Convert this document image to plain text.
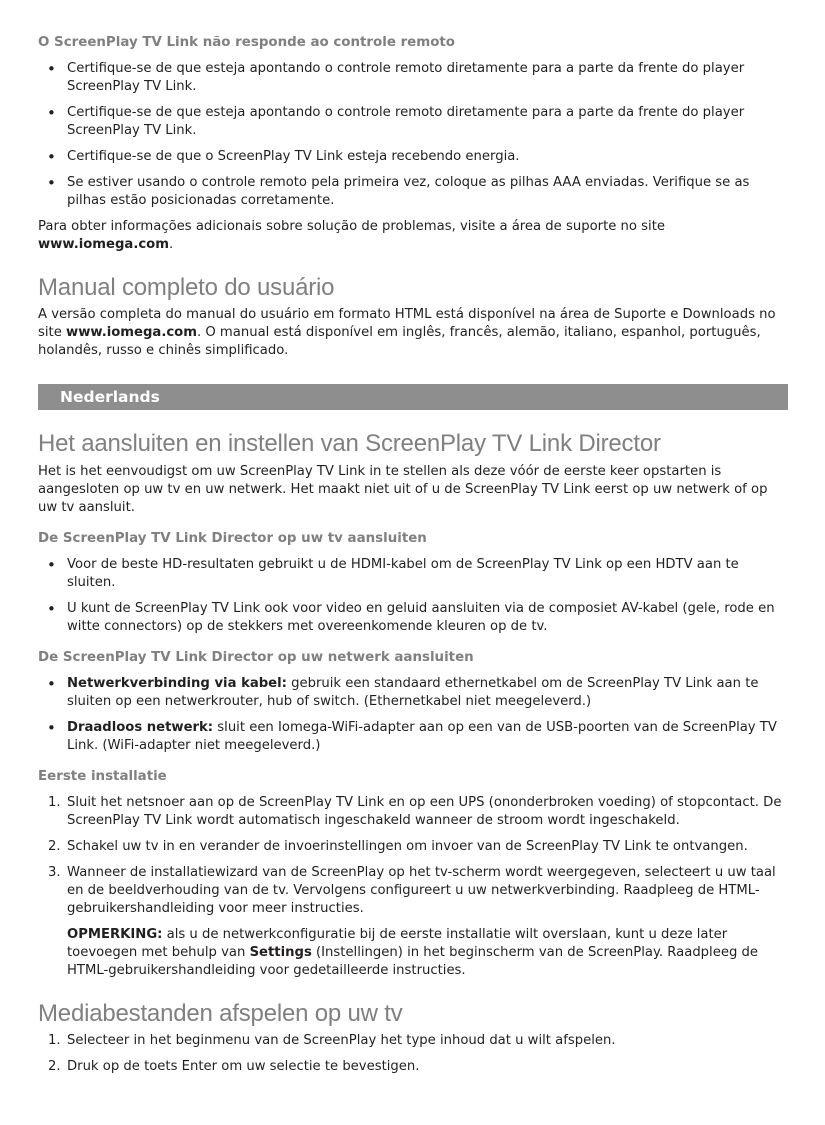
O ScreenPlay TV Link não responde ao controle remoto

• Certifique-se de que esteja apontando o controle remoto diretamente para a parte da frente do player ScreenPlay TV Link.
• Certifique-se de que esteja apontando o controle remoto diretamente para a parte da frente do player ScreenPlay TV Link.
• Certifique-se de que o ScreenPlay TV Link esteja recebendo energia.
• Se estiver usando o controle remoto pela primeira vez, coloque as pilhas AAA enviadas. Verifique se as pilhas estão posicionadas corretamente.

Para obter informações adicionais sobre solução de problemas, visite a área de suporte no site www.iomega.com.

Manual completo do usuário

A versão completa do manual do usuário em formato HTML está disponível na área de Suporte e Downloads no site www.iomega.com. O manual está disponível em inglês, francês, alemão, italiano, espanhol, português, holandês, russo e chinês simplificado.

Nederlands
Het aansluiten en instellen van ScreenPlay TV Link Director

Het is het eenvoudigst om uw ScreenPlay TV Link in te stellen als deze vóór de eerste keer opstarten is aangesloten op uw tv en uw netwerk. Het maakt niet uit of u de ScreenPlay TV Link eerst op uw netwerk of op uw tv aansluit.

De ScreenPlay TV Link Director op uw tv aansluiten

• Voor de beste HD-resultaten gebruikt u de HDMI-kabel om de ScreenPlay TV Link op een HDTV aan te sluiten.
• U kunt de ScreenPlay TV Link ook voor video en geluid aansluiten via de composiet AV-kabel (gele, rode en witte connectors) op de stekkers met overeenkomende kleuren op de tv.

De ScreenPlay TV Link Director op uw netwerk aansluiten

• Netwerkverbinding via kabel: gebruik een standaard ethernetkabel om de ScreenPlay TV Link aan te sluiten op een netwerkrouter, hub of switch. (Ethernetkabel niet meegeleverd.)
• Draadloos netwerk: sluit een Iomega-WiFi-adapter aan op een van de USB-poorten van de ScreenPlay TV Link. (WiFi-adapter niet meegeleverd.)

Eerste installatie

1. Sluit het netsnoer aan op de ScreenPlay TV Link en op een UPS (ononderbroken voeding) of stopcontact. De ScreenPlay TV Link wordt automatisch ingeschakeld wanneer de stroom wordt ingeschakeld.
2. Schakel uw tv in en verander de invoerinstellingen om invoer van de ScreenPlay TV Link te ontvangen.
3. Wanneer de installatiewizard van de ScreenPlay op het tv-scherm wordt weergegeven, selecteert u uw taal en de beeldverhouding van de tv. Vervolgens configureert u uw netwerkverbinding. Raadpleeg de HTML-gebruikershandleiding voor meer instructies.

OPMERKING: als u de netwerkconfiguratie bij de eerste installatie wilt overslaan, kunt u deze later toevoegen met behulp van Settings (Instellingen) in het beginscherm van de ScreenPlay. Raadpleeg de HTML-gebruikershandleiding voor gedetailleerde instructies.

Mediabestanden afspelen op uw tv
1. Selecteer in het beginmenu van de ScreenPlay het type inhoud dat u wilt afspelen.
2. Druk op de toets Enter om uw selectie te bevestigen.
